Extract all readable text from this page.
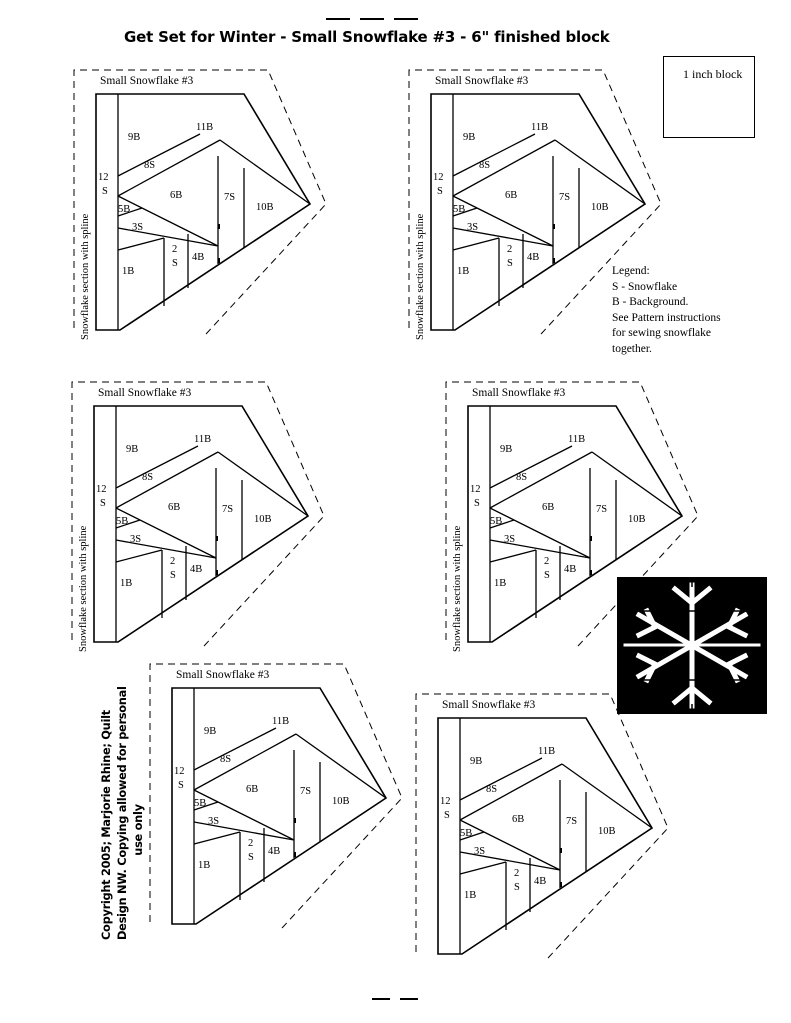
Get Set for Winter - Small Snowflake #3 - 6" finished block
Small Snowflake #3
12
S
9B
11B
8S
6B	7S
10B
5B
3S
2
S
4B
1B
Snowflake section with spline
Small Snowflake #3
12
S
9B
11B
8S
6B	7S
10B
5B
3S
2
S
4B
1B
Snowflake section with spline
Small Snowflake #3
12
S
9B
11B
8S
6B	7S
10B
5B
3S
2
S
4B
1B
Snowflake section with spline
Small Snowflake #3
12
S
9B
11B
8S
6B	7S
10B
5B
3S
2
S
4B
1B
Snowflake section with spline
Small Snowflake #3
12
S
9B
11B
8S
6B	7S
10B
5B
3S
2
S
4B
1B
Small Snowflake #3
12
S
9B
11B
8S
6B	7S
10B
5B
3S
2
S
4B
1B
1 inch block
Legend:
S - Snowflake
B - Background.
See Pattern instructions
for sewing snowflake
together.
Copyright 2005; Marjorie Rhine; Quilt Design NW. Copying allowed for personal use only
